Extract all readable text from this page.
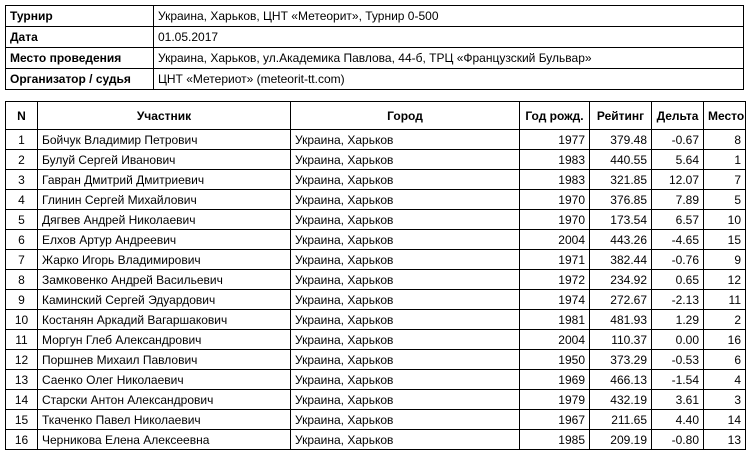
Турнир	Украина, Харьков, ЦНТ «Метеорит», Турнир 0-500
Дата	01.05.2017
Место проведения	Украина, Харьков, ул.Академика Павлова, 44-б, ТРЦ «Французский Бульвар»
Организатор / судья	ЦНТ «Метериот» (meteorit-tt.com)
N	Участник	Город	Год рожд.	Рейтинг	Дельта	Место
1	Бойчук Владимир Петрович	Украина, Харьков	1977	379.48	-0.67	8
2	Булуй Сергей Иванович	Украина, Харьков	1983	440.55	5.64	1
3	Гавран Дмитрий Дмитриевич	Украина, Харьков	1983	321.85	12.07	7
4	Глинин Сергей Михайлович	Украина, Харьков	1970	376.85	7.89	5
5	Дягвев Андрей Николаевич	Украина, Харьков	1970	173.54	6.57	10
6	Елхов Артур Андреевич	Украина, Харьков	2004	443.26	-4.65	15
7	Жарко Игорь Владимирович	Украина, Харьков	1971	382.44	-0.76	9
8	Замковенко Андрей Васильевич	Украина, Харьков	1972	234.92	0.65	12
9	Каминский Сергей Эдуардович	Украина, Харьков	1974	272.67	-2.13	11
10	Костанян Аркадий Вагаршакович	Украина, Харьков	1981	481.93	1.29	2
11	Моргун Глеб Александрович	Украина, Харьков	2004	110.37	0.00	16
12	Поршнев Михаил Павлович	Украина, Харьков	1950	373.29	-0.53	6
13	Саенко Олег Николаевич	Украина, Харьков	1969	466.13	-1.54	4
14	Старски Антон Александрович	Украина, Харьков	1979	432.19	3.61	3
15	Ткаченко Павел Николаевич	Украина, Харьков	1967	211.65	4.40	14
16	Черникова Елена Алексеевна	Украина, Харьков	1985	209.19	-0.80	13
